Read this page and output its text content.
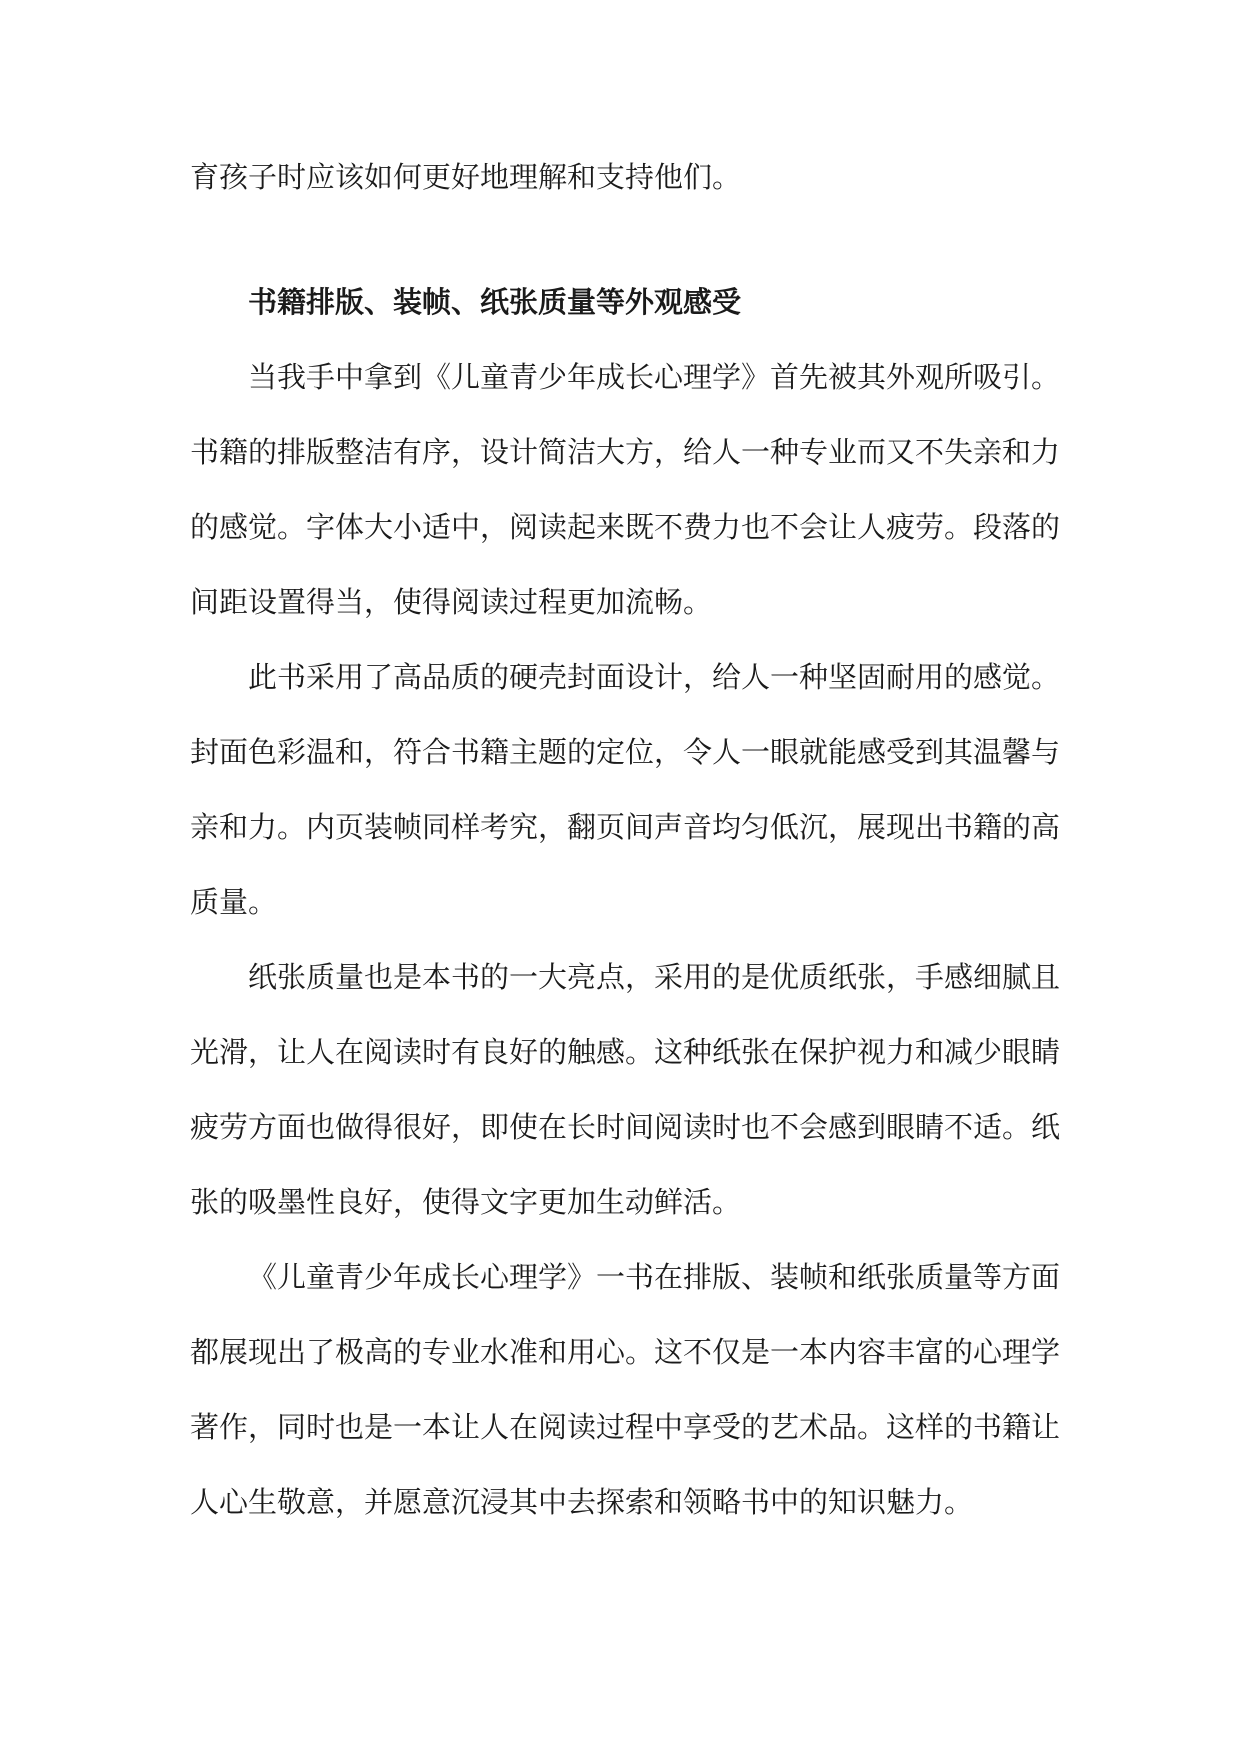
育孩子时应该如何更好地理解和支持他们。

书籍排版、装帧、纸张质量等外观感受

当我手中拿到《儿童青少年成长心理学》首先被其外观所吸引。书籍的排版整洁有序，设计简洁大方，给人一种专业而又不失亲和力的感觉。字体大小适中，阅读起来既不费力也不会让人疲劳。段落的间距设置得当，使得阅读过程更加流畅。

此书采用了高品质的硬壳封面设计，给人一种坚固耐用的感觉。封面色彩温和，符合书籍主题的定位，令人一眼就能感受到其温馨与亲和力。内页装帧同样考究，翻页间声音均匀低沉，展现出书籍的高质量。

纸张质量也是本书的一大亮点，采用的是优质纸张，手感细腻且光滑，让人在阅读时有良好的触感。这种纸张在保护视力和减少眼睛疲劳方面也做得很好，即使在长时间阅读时也不会感到眼睛不适。纸张的吸墨性良好，使得文字更加生动鲜活。

《儿童青少年成长心理学》一书在排版、装帧和纸张质量等方面都展现出了极高的专业水准和用心。这不仅是一本内容丰富的心理学著作，同时也是一本让人在阅读过程中享受的艺术品。这样的书籍让人心生敬意，并愿意沉浸其中去探索和领略书中的知识魅力。
